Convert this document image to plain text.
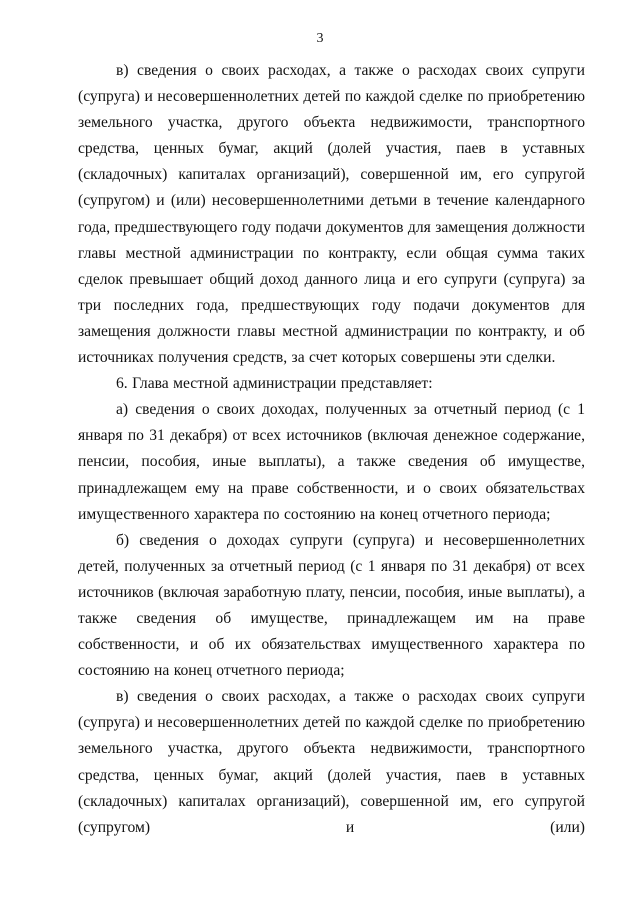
3

в) сведения о своих расходах, а также о расходах своих супруги (супруга) и несовершеннолетних детей по каждой сделке по приобретению земельного участка, другого объекта недвижимости, транспортного средства, ценных бумаг, акций (долей участия, паев в уставных (складочных) капиталах организаций), совершенной им, его супругой (супругом) и (или) несовершеннолетними детьми в течение календарного года, предшествующего году подачи документов для замещения должности главы местной администрации по контракту, если общая сумма таких сделок превышает общий доход данного лица и его супруги (супруга) за три последних года, предшествующих году подачи документов для замещения должности главы местной администрации по контракту, и об источниках получения средств, за счет которых совершены эти сделки.

6. Глава местной администрации представляет:

а) сведения о своих доходах, полученных за отчетный период (с 1 января по 31 декабря) от всех источников (включая денежное содержание, пенсии, пособия, иные выплаты), а также сведения об имуществе, принадлежащем ему на праве собственности, и о своих обязательствах имущественного характера по состоянию на конец отчетного периода;

б) сведения о доходах супруги (супруга) и несовершеннолетних детей, полученных за отчетный период (с 1 января по 31 декабря) от всех источников (включая заработную плату, пенсии, пособия, иные выплаты), а также сведения об имуществе, принадлежащем им на праве собственности, и об их обязательствах имущественного характера по состоянию на конец отчетного периода;

в) сведения о своих расходах, а также о расходах своих супруги (супруга) и несовершеннолетних детей по каждой сделке по приобретению земельного участка, другого объекта недвижимости, транспортного средства, ценных бумаг, акций (долей участия, паев в уставных (складочных) капиталах организаций), совершенной им, его супругой (супругом) и (или)
